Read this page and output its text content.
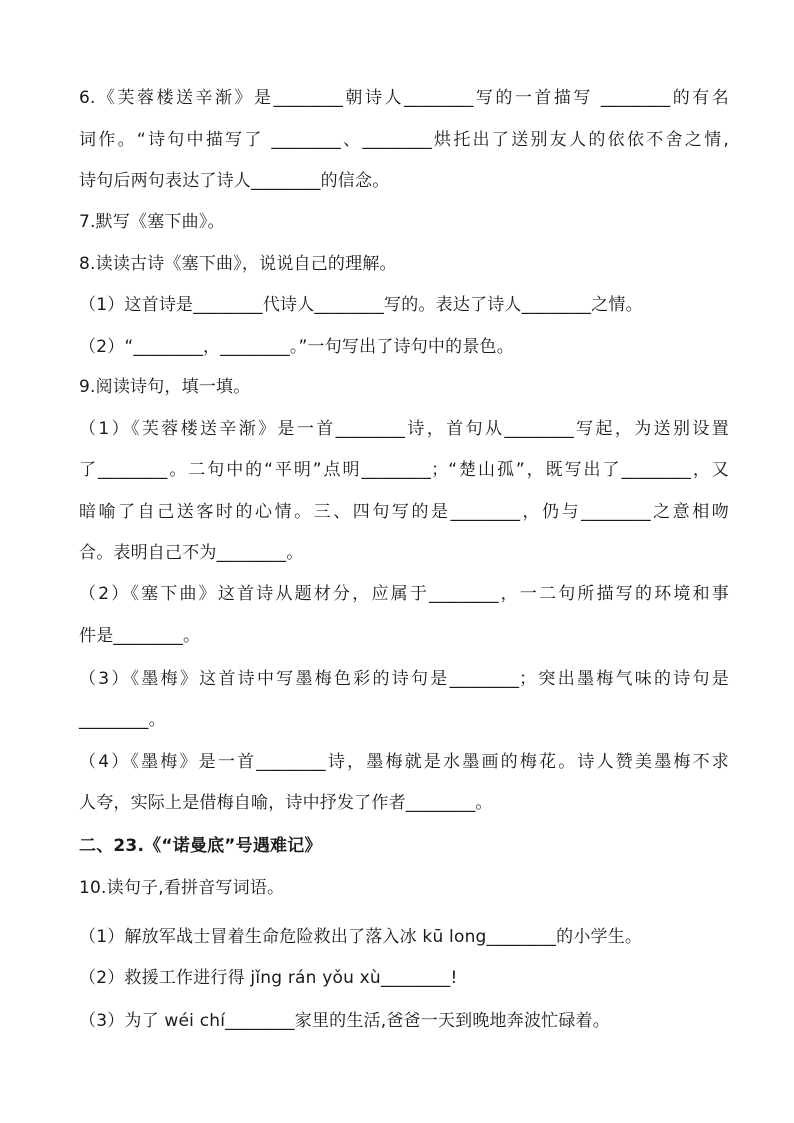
6.《芙蓉楼送辛渐》是________朝诗人________写的一首描写 ________的有名
词作。“诗句中描写了 ________、________烘托出了送别友人的依依不舍之情,
诗句后两句表达了诗人________的信念。
7.默写《塞下曲》。
8.读读古诗《塞下曲》，说说自己的理解。
（1）这首诗是________代诗人________写的。表达了诗人________之情。
（2）“________，________。”一句写出了诗句中的景色。
9.阅读诗句，填一填。
（1）《芙蓉楼送辛渐》是一首________诗，首句从________写起，为送别设置
了________。二句中的“平明”点明________；“楚山孤”，既写出了________，又
暗喻了自己送客时的心情。三、四句写的是________，仍与________之意相吻
合。表明自己不为________。
（2）《塞下曲》这首诗从题材分，应属于________，一二句所描写的环境和事
件是________。
（3）《墨梅》这首诗中写墨梅色彩的诗句是________；突出墨梅气味的诗句是
________。
（4）《墨梅》是一首________诗，墨梅就是水墨画的梅花。诗人赞美墨梅不求
人夸，实际上是借梅自喻，诗中抒发了作者________。
二、23.《“诺曼底”号遇难记》
10.读句子,看拼音写词语。
（1）解放军战士冒着生命危险救出了落入冰 kū long________的小学生。
（2）救援工作进行得 jǐng rán yǒu xù________!
（3）为了 wéi chí________家里的生活,爸爸一天到晚地奔波忙碌着。
